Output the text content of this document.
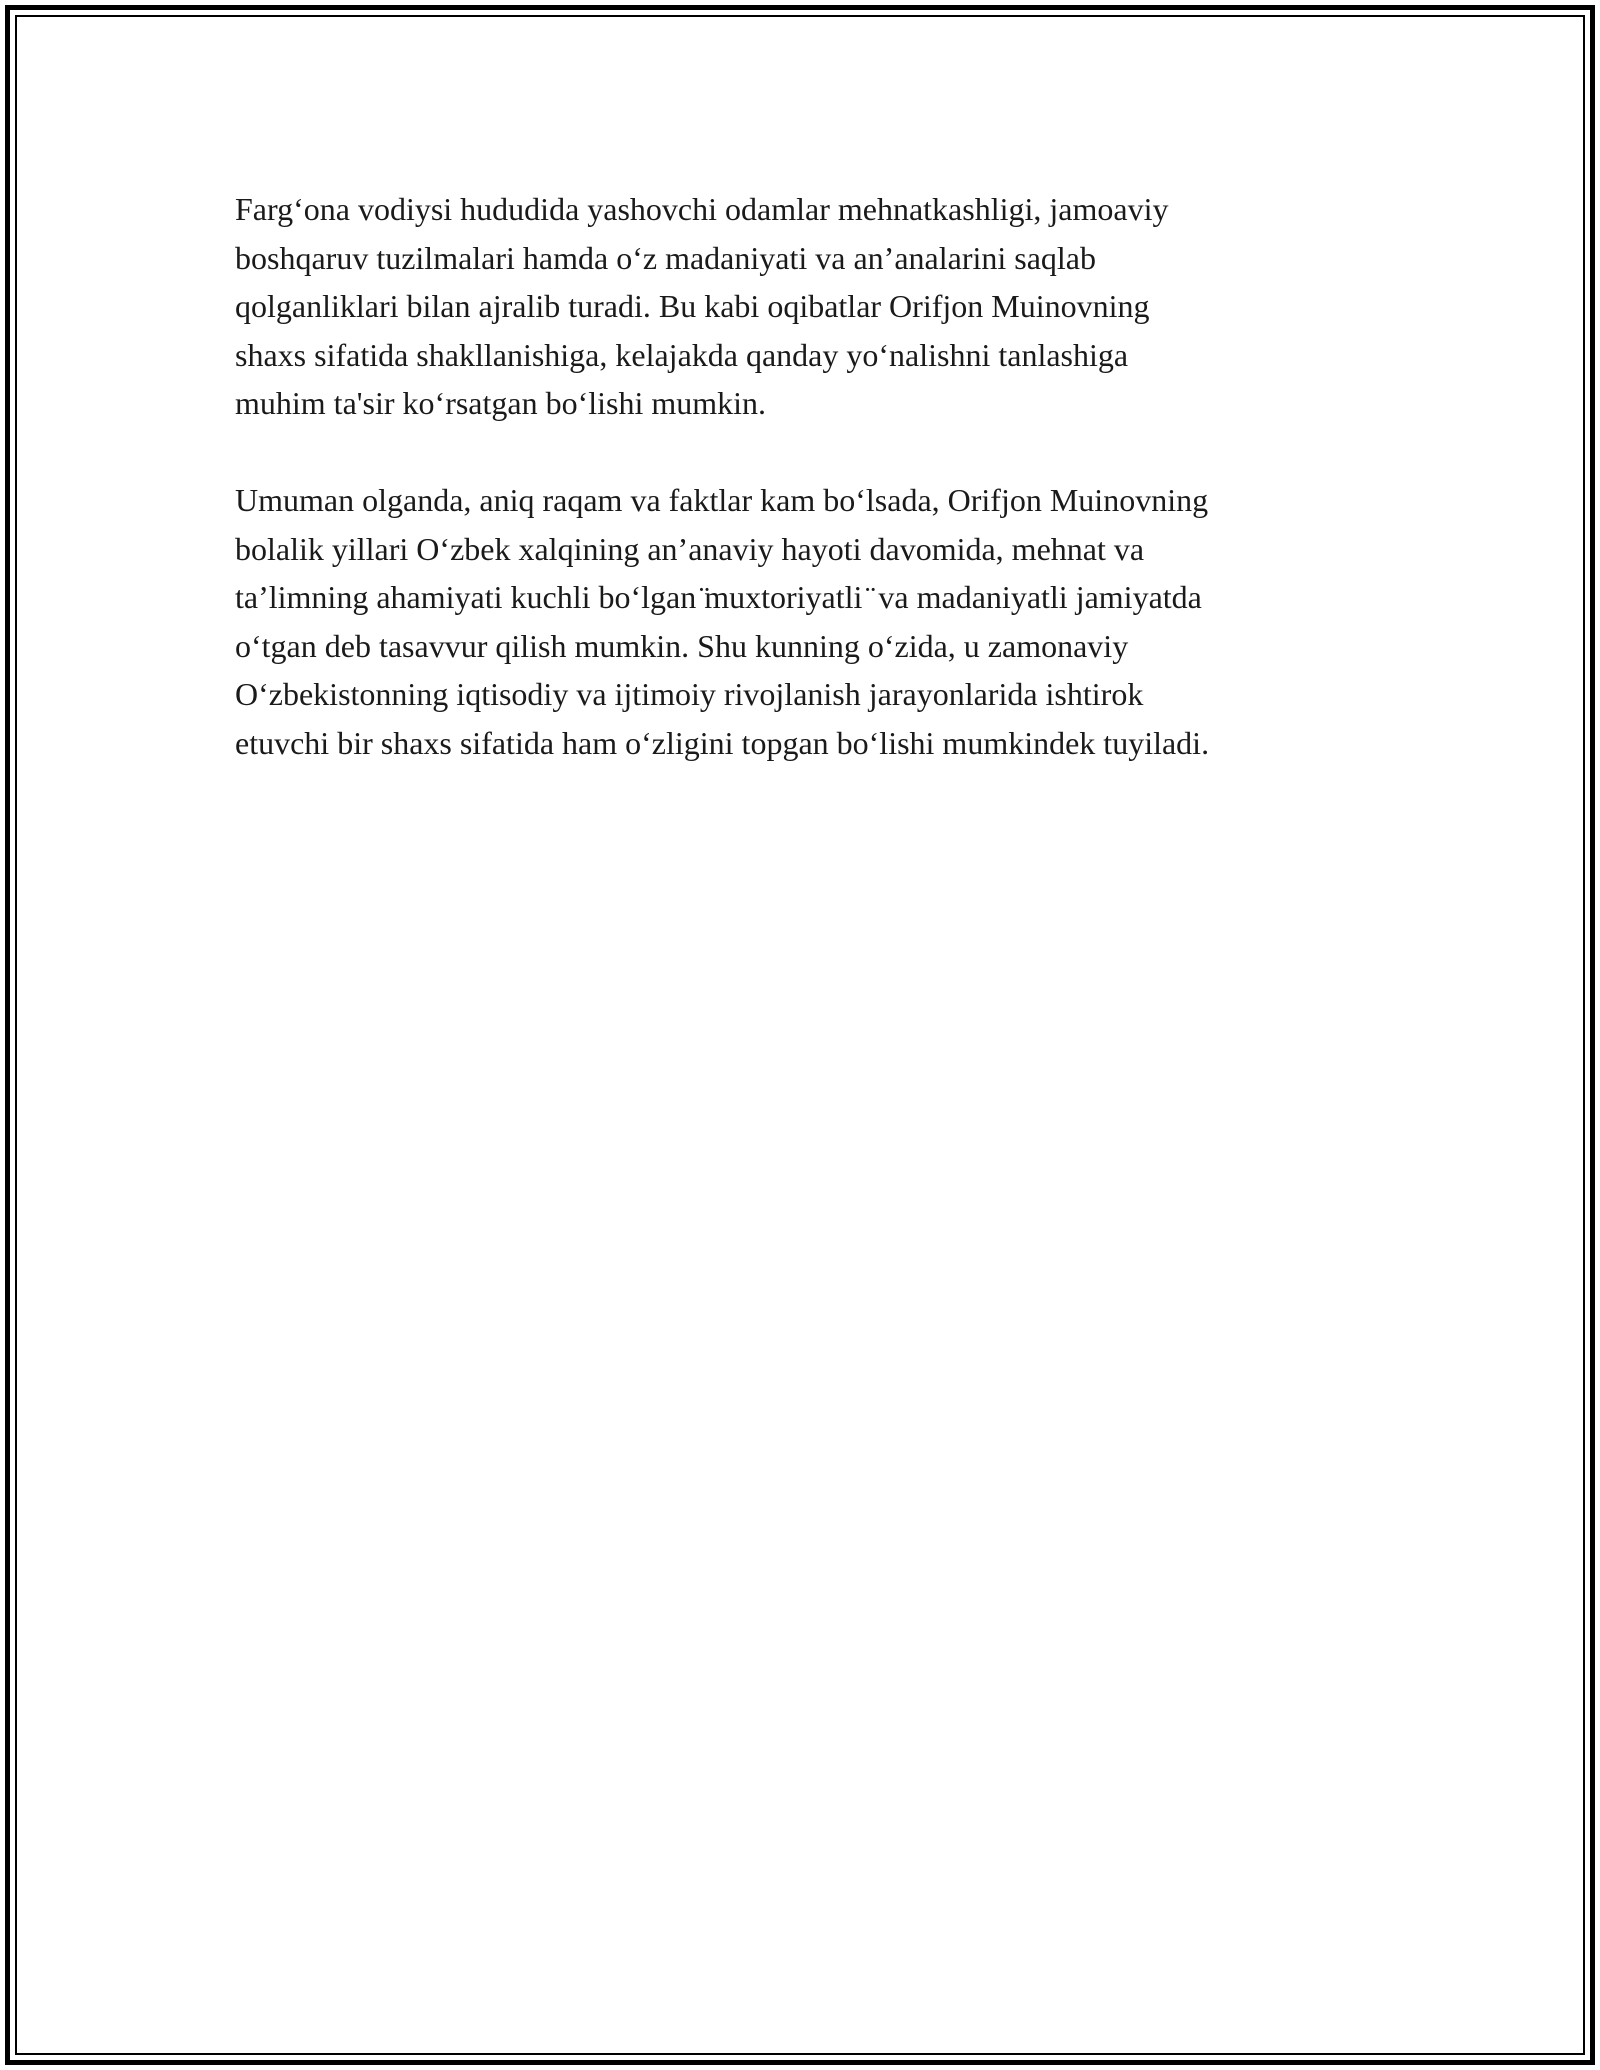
Farg‘ona vodiysi hududida yashovchi odamlar mehnatkashligi, jamoaviy
boshqaruv tuzilmalari hamda o‘z madaniyati va an’analarini saqlab
qolganliklari bilan ajralib turadi. Bu kabi oqibatlar Orifjon Muinovning
shaxs sifatida shakllanishiga, kelajakda qanday yo‘nalishni tanlashiga
muhim ta'sir ko‘rsatgan bo‘lishi mumkin.

Umuman olganda, aniq raqam va faktlar kam bo‘lsada, Orifjon Muinovning
bolalik yillari O‘zbek xalqining an’anaviy hayoti davomida, mehnat va
ta’limning ahamiyati kuchli bo‘lgan ̈muxtoriyatli ̈ va madaniyatli jamiyatda
o‘tgan deb tasavvur qilish mumkin. Shu kunning o‘zida, u zamonaviy
O‘zbekistonning iqtisodiy va ijtimoiy rivojlanish jarayonlarida ishtirok
etuvchi bir shaxs sifatida ham o‘zligini topgan bo‘lishi mumkindek tuyiladi.
